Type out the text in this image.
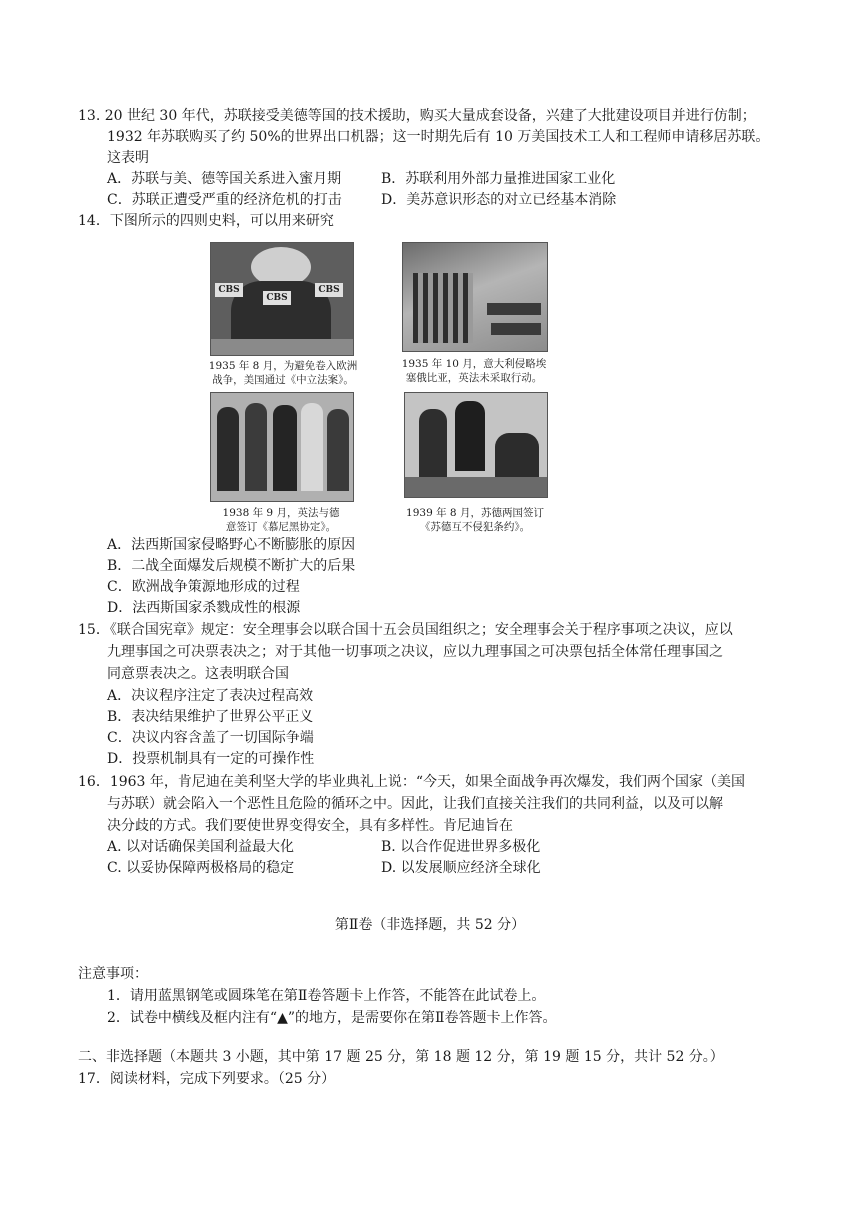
13. 20 世纪 30 年代，苏联接受美德等国的技术援助，购买大量成套设备，兴建了大批建设项目并进行仿制；
1932 年苏联购买了约 50%的世界出口机器；这一时期先后有 10 万美国技术工人和工程师申请移居苏联。
这表明
A．苏联与美、德等国关系进入蜜月期	B．苏联利用外部力量推进国家工业化
C．苏联正遭受严重的经济危机的打击	D．美苏意识形态的对立已经基本消除
14．下图所示的四则史料，可以用来研究
CBS
CBS
CBS
1935 年 8 月，为避免卷入欧洲
战争，美国通过《中立法案》。
1935 年 10 月，意大利侵略埃
塞俄比亚，英法未采取行动。
1938 年 9 月，英法与德
意签订《慕尼黑协定》。
1939 年 8 月，苏德两国签订
《苏德互不侵犯条约》。
A．法西斯国家侵略野心不断膨胀的原因
B．二战全面爆发后规模不断扩大的后果
C．欧洲战争策源地形成的过程
D．法西斯国家杀戮成性的根源
15．《联合国宪章》规定：安全理事会以联合国十五会员国组织之；安全理事会关于程序事项之决议，应以
九理事国之可决票表决之；对于其他一切事项之决议，应以九理事国之可决票包括全体常任理事国之
同意票表决之。这表明联合国
A．决议程序注定了表决过程高效
B．表决结果维护了世界公平正义
C．决议内容含盖了一切国际争端
D．投票机制具有一定的可操作性
16．1963 年，肯尼迪在美利坚大学的毕业典礼上说：“今天，如果全面战争再次爆发，我们两个国家（美国
与苏联）就会陷入一个恶性且危险的循环之中。因此，让我们直接关注我们的共同利益，以及可以解
决分歧的方式。我们要使世界变得安全，具有多样性。肯尼迪旨在
A. 以对话确保美国利益最大化	B. 以合作促进世界多极化
C. 以妥协保障两极格局的稳定	D. 以发展顺应经济全球化
第Ⅱ卷（非选择题，共 52 分）
注意事项：
1．请用蓝黑钢笔或圆珠笔在第Ⅱ卷答题卡上作答，不能答在此试卷上。
2．试卷中横线及框内注有“▲”的地方，是需要你在第Ⅱ卷答题卡上作答。
二、非选择题（本题共 3 小题，其中第 17 题 25 分，第 18 题 12 分，第 19 题 15 分，共计 52 分。）
17．阅读材料，完成下列要求。（25 分）
